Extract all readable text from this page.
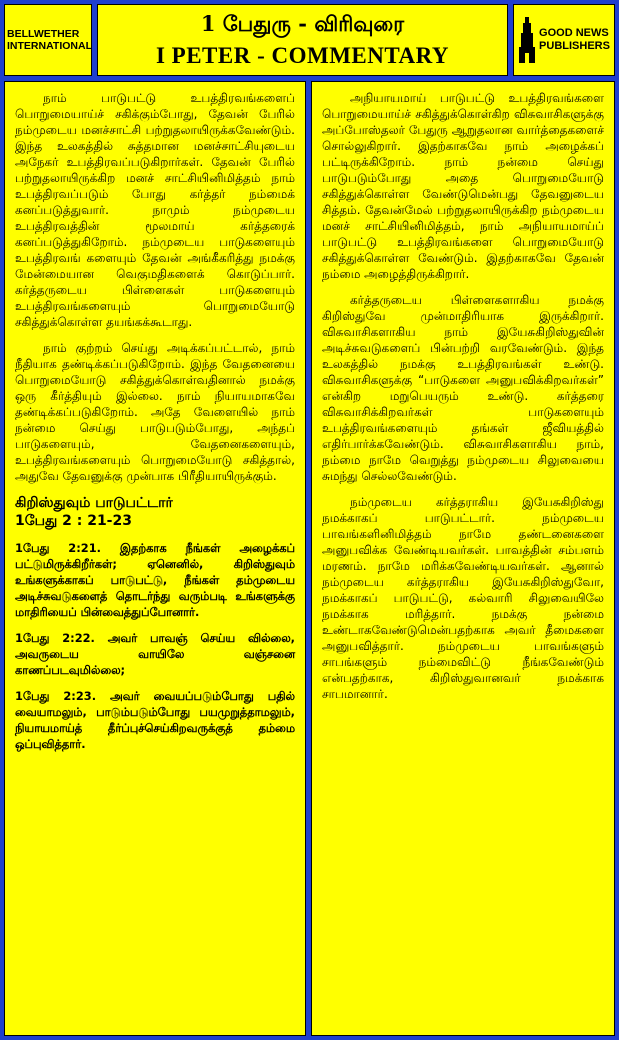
BELLWETHER
INTERNATIONAL
1 பேதுரு - விரிவுரை
I PETER - COMMENTARY
GOOD NEWS
PUBLISHERS

நாம் பாடுபட்டு உபத்திரவங்களைப் பொறுமையாய்ச் சகிக்கும்போது, தேவன் பேரில் நம்முடைய மனச்சாட்சி பற்றுதலாயிருக்கவேண்டும். இந்த உலகத்தில் சுத்தமான மனச்சாட்சியுடைய அநேகர் உபத்திரவப்படுகிறார்கள். தேவன் பேரில் பற்றுதலாயிருக்கிற மனச் சாட்சியினிமித்தம் நாம் உபத்திரவப்படும் போது கர்த்தர் நம்மைக் கனப்படுத்துவார். நாமும் நம்முடைய உபத்திரவத்தின் மூலமாய் கர்த்தரைக் கனப்படுத்துகிறோம். நம்முடைய பாடுகளையும் உபத்திரவங் களையும் தேவன் அங்கீகரித்து நமக்கு மேன்மையான வெகுமதிகளைக் கொடுப்பார். கர்த்தருடைய பிள்ளைகள் பாடுகளையும் உபத்திரவங்களையும் பொறுமையோடு சகித்துக்கொள்ள தயங்கக்கூடாது.

நாம் குற்றம் செய்து அடிக்கப்பட்டால், நாம் நீதியாக தண்டிக்கப்படுகிறோம். இந்த வேதனையை பொறுமையோடு சகித்துக்கொள்வதினால் நமக்கு ஒரு கீர்த்தியும் இல்லை. நாம் நியாயமாகவே தண்டிக்கப்படுகிறோம். அதே வேளையில் நாம் நன்மை செய்து பாடுபடும்போது, அந்தப் பாடுகளையும், வேதனைகளையும், உபத்திரவங்களையும் பொறுமையோடு சகித்தால், அதுவே தேவனுக்கு முன்பாக பிரீதியாயிருக்கும்.

கிறிஸ்துவும் பாடுபட்டார்
1பேது 2 : 21-23

1பேது 2:21. இதற்காக நீங்கள் அழைக்கப் பட்டுமிருக்கிறீர்கள்; ஏனெனில், கிறிஸ்துவும் உங்களுக்காகப் பாடுபட்டு, நீங்கள் தம்முடைய அடிச்சுவடுகளைத் தொடர்ந்து வரும்படி உங்களுக்கு மாதிரியைப் பின்வைத்துப்போனார்.

1பேது 2:22. அவர் பாவஞ் செய்ய வில்லை, அவருடைய வாயிலே வஞ்சனை காணப்படவுமில்லை;

1பேது 2:23. அவர் வையப்படும்போது பதில் வையாமலும், பாடும்படும்போது பயமுறுத்தாமலும், நியாயமாய்த் தீர்ப்புச்செய்கிறவருக்குத் தம்மை ஒப்புவித்தார்.

அநியாயமாய் பாடுபட்டு உபத்திரவங்களை பொறுமையாய்ச் சகித்துக்கொள்கிற விசுவாசிகளுக்கு அப்போஸ்தலர் பேதுரு ஆறுதலான வார்த்தைகளைச் சொல்லுகிறார். இதற்காகவே நாம் அழைக்கப் பட்டிருக்கிறோம். நாம் நன்மை செய்து பாடுபடும்போது அதை பொறுமையோடு சகித்துக்கொள்ள வேண்டுமென்பது தேவனுடைய சித்தம். தேவன்மேல் பற்றுதலாயிருக்கிற நம்முடைய மனச் சாட்சியினிமித்தம், நாம் அநியாயமாய்ப் பாடுபட்டு உபத்திரவங்களை பொறுமையோடு சகித்துக்கொள்ள வேண்டும். இதற்காகவே தேவன் நம்மை அழைத்திருக்கிறார்.

கர்த்தருடைய பிள்ளைகளாகிய நமக்கு கிறிஸ்துவே முன்மாதிரியாக இருக்கிறார். விசுவாசிகளாகிய நாம் இயேசுகிறிஸ்துவின் அடிச்சுவடுகளைப் பின்பற்றி வரவேண்டும். இந்த உலகத்தில் நமக்கு உபத்திரவங்கள் உண்டு. விசுவாசிகளுக்கு “பாடுகளை அனுபவிக்கிறவர்கள்” என்கிற மறுபெயரும் உண்டு. கர்த்தரை விசுவாசிக்கிறவர்கள் பாடுகளையும் உபத்திரவங்களையும் தங்கள் ஜீவியத்தில் எதிர்பார்க்கவேண்டும். விசுவாசிகளாகிய நாம், நம்மை நாமே வெறுத்து நம்முடைய சிலுவையை சுமந்து செல்லவேண்டும்.

நம்முடைய கர்த்தராகிய இயேசுகிறிஸ்து நமக்காகப் பாடுபட்டார். நம்முடைய பாவங்களினிமித்தம் நாமே தண்டனைகளை அனுபவிக்க வேண்டியவர்கள். பாவத்தின் சம்பளம் மரணம். நாமே மரிக்கவேண்டியவர்கள். ஆனால் நம்முடைய கர்த்தராகிய இயேசுகிறிஸ்துவோ, நமக்காகப் பாடுபட்டு, கல்வாரி சிலுவையிலே நமக்காக மரித்தார். நமக்கு நன்மை உண்டாகவேண்டுமென்பதற்காக அவர் தீமைகளை அனுபவித்தார். நம்முடைய பாவங்களும் சாபங்களும் நம்மைவிட்டு நீங்கவேண்டும் என்பதற்காக, கிறிஸ்துவானவர் நமக்காக சாபமானார்.
